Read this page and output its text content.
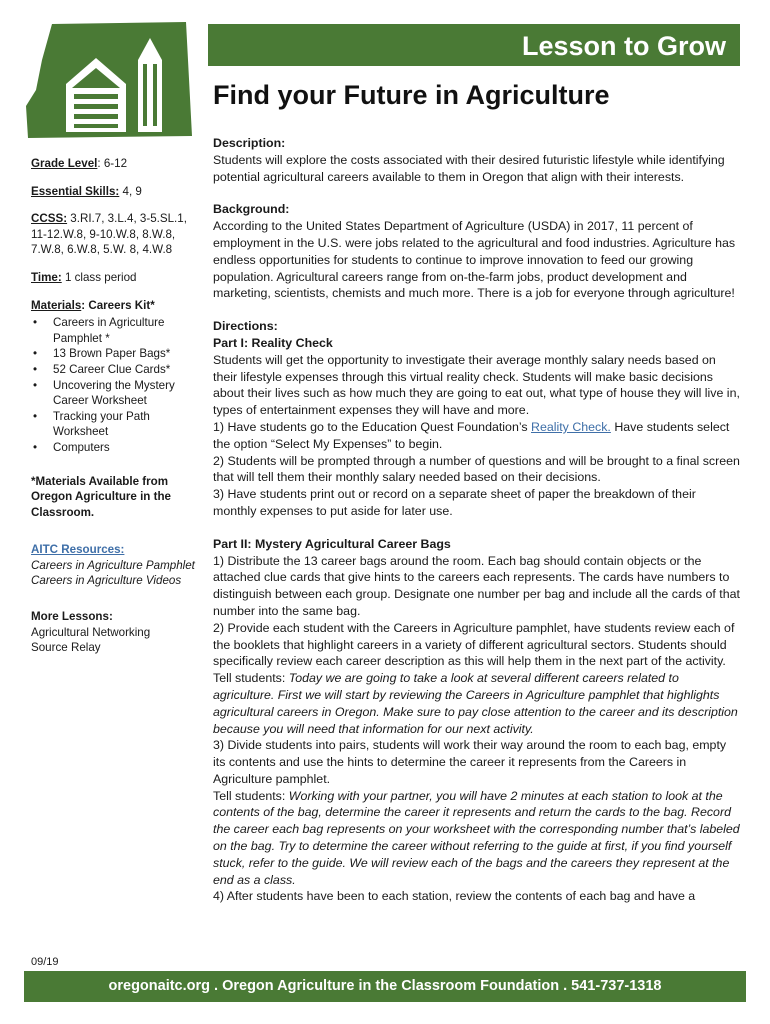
Lesson to Grow
Find your Future in Agriculture

Grade Level: 6-12

Essential Skills: 4, 9

CCSS: 3.RI.7, 3.L.4, 3-5.SL.1, 11-12.W.8, 9-10.W.8, 8.W.8, 7.W.8, 6.W.8, 5.W. 8, 4.W.8

Time: 1 class period

Materials: Careers Kit*

• Careers in Agriculture Pamphlet *
• 13 Brown Paper Bags*
• 52 Career Clue Cards*
• Uncovering the Mystery Career Worksheet
• Tracking your Path Worksheet
• Computers

*Materials Available from Oregon Agriculture in the Classroom.

AITC Resources:

Careers in Agriculture Pamphlet

Careers in Agriculture Videos

More Lessons:

Agricultural Networking

Source Relay

09/19
Description:

Students will explore the costs associated with their desired futuristic lifestyle while identifying potential agricultural careers available to them in Oregon that align with their interests.

Background:

According to the United States Department of Agriculture (USDA) in 2017, 11 percent of employment in the U.S. were jobs related to the agricultural and food industries. Agriculture has endless opportunities for students to continue to improve innovation to feed our growing population. Agricultural careers range from on-the-farm jobs, product development and marketing, scientists, chemists and much more. There is a job for everyone through agriculture!

Directions:
Part I: Reality Check

Students will get the opportunity to investigate their average monthly salary needs based on their lifestyle expenses through this virtual reality check. Students will make basic decisions about their lives such as how much they are going to eat out, what type of house they will live in, types of entertainment expenses they will have and more.

1) Have students go to the Education Quest Foundation’s Reality Check. Have students select the option “Select My Expenses” to begin.

2) Students will be prompted through a number of questions and will be brought to a final screen that will tell them their monthly salary needed based on their decisions.

3) Have students print out or record on a separate sheet of paper the breakdown of their monthly expenses to put aside for later use.

Part II: Mystery Agricultural Career Bags

1) Distribute the 13 career bags around the room. Each bag should contain objects or the attached clue cards that give hints to the careers each represents. The cards have numbers to distinguish between each group. Designate one number per bag and include all the cards of that number into the same bag.

2) Provide each student with the Careers in Agriculture pamphlet, have students review each of the booklets that highlight careers in a variety of different agricultural sectors. Students should specifically review each career description as this will help them in the next part of the activity.

Tell students: Today we are going to take a look at several different careers related to agriculture. First we will start by reviewing the Careers in Agriculture pamphlet that highlights agricultural careers in Oregon. Make sure to pay close attention to the career and its description because you will need that information for our next activity.

3) Divide students into pairs, students will work their way around the room to each bag, empty its contents and use the hints to determine the career it represents from the Careers in Agriculture pamphlet.

Tell students: Working with your partner, you will have 2 minutes at each station to look at the contents of the bag, determine the career it represents and return the cards to the bag. Record the career each bag represents on your worksheet with the corresponding number that’s labeled on the bag. Try to determine the career without referring to the guide at first, if you find yourself stuck, refer to the guide. We will review each of the bags and the careers they represent at the end as a class.

4) After students have been to each station, review the contents of each bag and have a

oregonaitc.org . Oregon Agriculture in the Classroom Foundation . 541-737-1318
